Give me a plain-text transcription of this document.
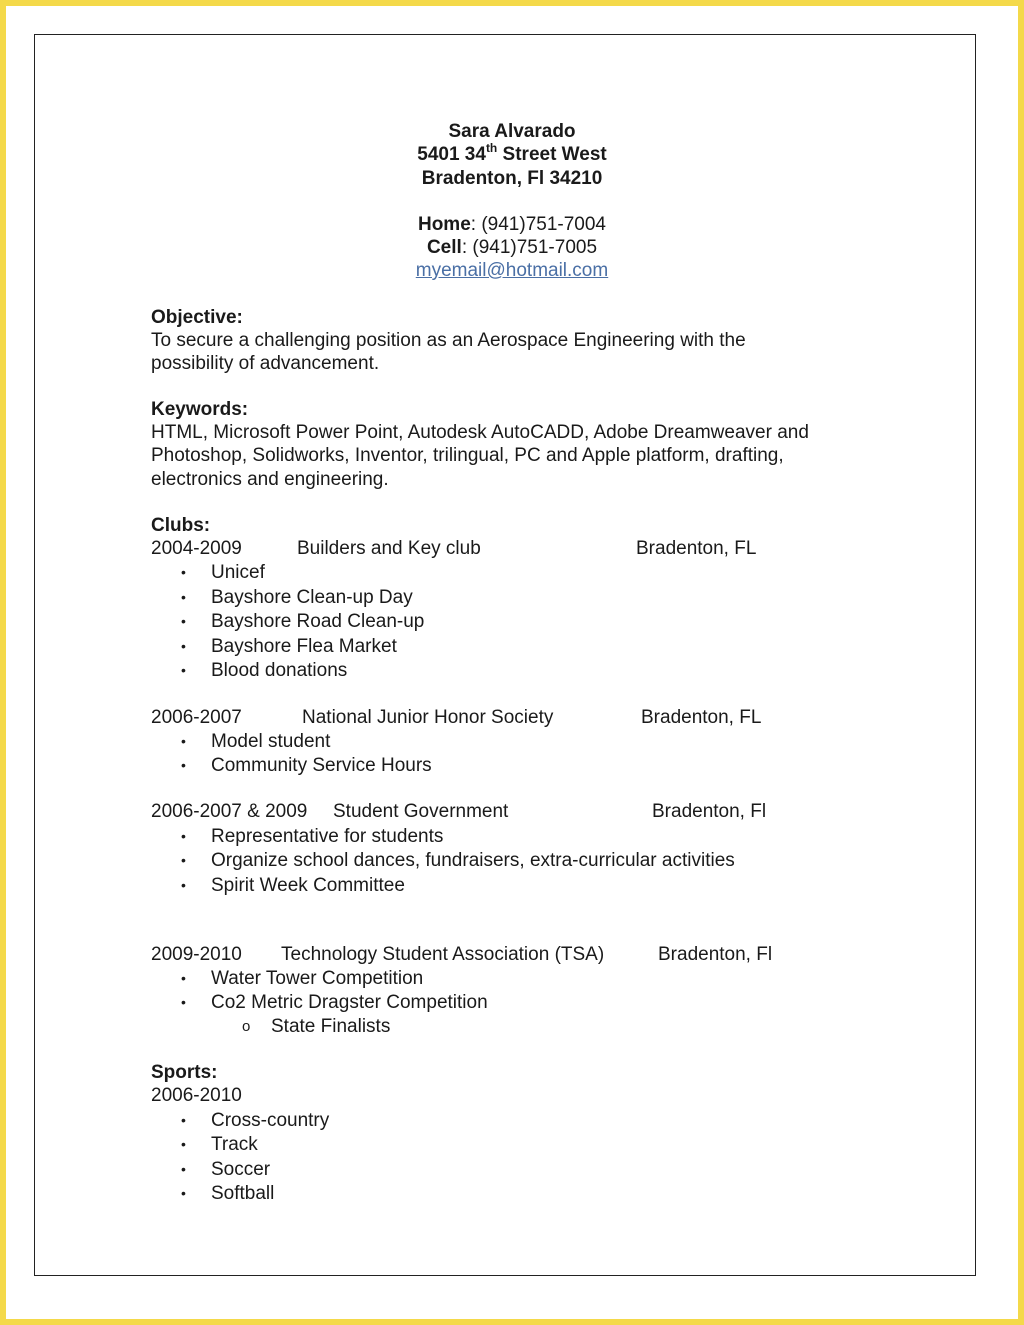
Sara Alvarado
5401 34th Street West
Bradenton, Fl 34210
Home: (941)751-7004
Cell: (941)751-7005
myemail@hotmail.com
Objective:
To secure a challenging position as an Aerospace Engineering with the
possibility of advancement.
Keywords:
HTML, Microsoft Power Point, Autodesk AutoCADD, Adobe Dreamweaver and
Photoshop, Solidworks, Inventor, trilingual, PC and Apple platform, drafting,
electronics and engineering.
Clubs:
2004-2009	Builders and Key club	Bradenton, FL
• Unicef
• Bayshore Clean-up Day
• Bayshore Road Clean-up
• Bayshore Flea Market
• Blood donations
2006-2007	National Junior Honor Society	Bradenton, FL
• Model student
• Community Service Hours
2006-2007 & 2009 Student Government	Bradenton, Fl
• Representative for students
• Organize school dances, fundraisers, extra-curricular activities
• Spirit Week Committee
2009-2010 Technology Student Association (TSA)	Bradenton, Fl
• Water Tower Competition
• Co2 Metric Dragster Competition
o State Finalists
Sports:
2006-2010
• Cross-country
• Track
• Soccer
• Softball
